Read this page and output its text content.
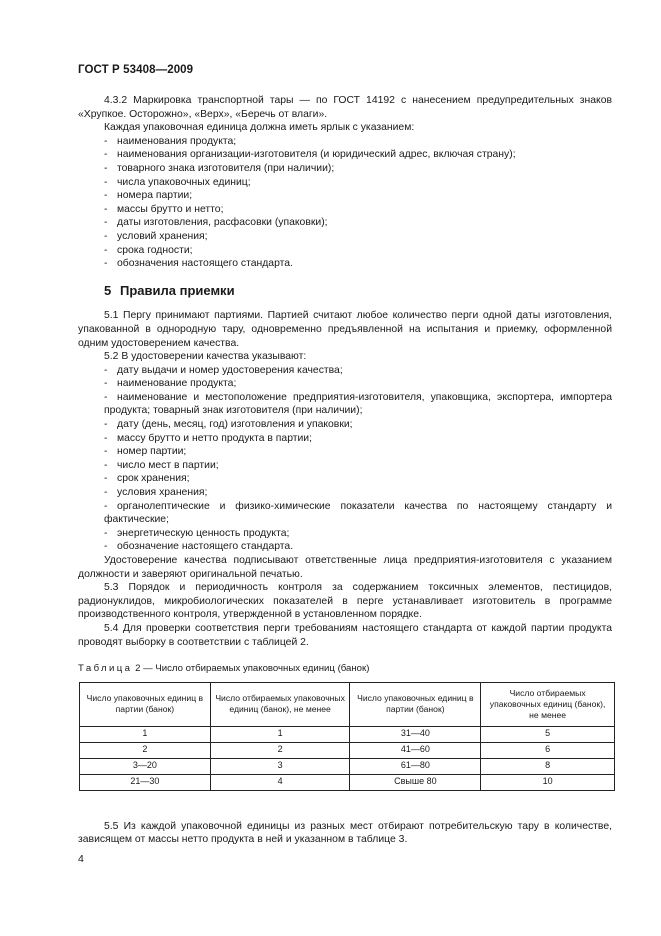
ГОСТ Р 53408—2009

4.3.2 Маркировка транспортной тары — по ГОСТ 14192 с нанесением предупредительных знаков «Хрупкое. Осторожно», «Верх», «Беречь от влаги».

Каждая упаковочная единица должна иметь ярлык с указанием:

- наименования продукта;
- наименования организации-изготовителя (и юридический адрес, включая страну);
- товарного знака изготовителя (при наличии);
- числа упаковочных единиц;
- номера партии;
- массы брутто и нетто;
- даты изготовления, расфасовки (упаковки);
- условий хранения;
- срока годности;
- обозначения настоящего стандарта.
5 Правила приемки

5.1 Пергу принимают партиями. Партией считают любое количество перги одной даты изготовления, упакованной в однородную тару, одновременно предъявленной на испытания и приемку, оформленной одним удостоверением качества.

5.2 В удостоверении качества указывают:

- дату выдачи и номер удостоверения качества;
- наименование продукта;
- наименование и местоположение предприятия-изготовителя, упаковщика, экспортера, импортера продукта; товарный знак изготовителя (при наличии);
- дату (день, месяц, год) изготовления и упаковки;
- массу брутто и нетто продукта в партии;
- номер партии;
- число мест в партии;
- срок хранения;
- условия хранения;
- органолептические и физико-химические показатели качества по настоящему стандарту и фактические;
- энергетическую ценность продукта;
- обозначение настоящего стандарта.

Удостоверение качества подписывают ответственные лица предприятия-изготовителя с указанием должности и заверяют оригинальной печатью.

5.3 Порядок и периодичность контроля за содержанием токсичных элементов, пестицидов, радионуклидов, микробиологических показателей в перге устанавливает изготовитель в программе производственного контроля, утвержденной в установленном порядке.

5.4 Для проверки соответствия перги требованиям настоящего стандарта от каждой партии продукта проводят выборку в соответствии с таблицей 2.

Таблица 2 — Число отбираемых упаковочных единиц (банок)
Число упаковочных единиц в партии (банок)	Число отбираемых упаковочных единиц (банок), не менее	Число упаковочных единиц в партии (банок)	Число отбираемых упаковочных единиц (банок), не менее
1	1	31—40	5
2	2	41—60	6
3—20	3	61—80	8
21—30	4	Свыше 80	10

5.5 Из каждой упаковочной единицы из разных мест отбирают потребительскую тару в количестве, зависящем от массы нетто продукта в ней и указанном в таблице 3.

4
